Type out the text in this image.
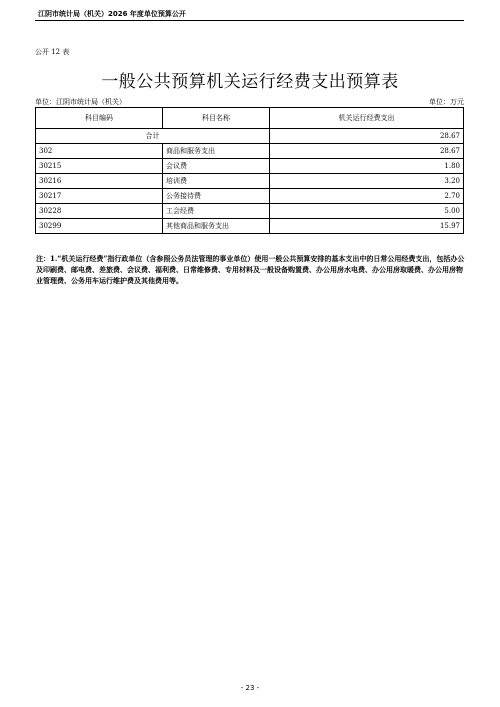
江阴市统计局（机关）2026 年度单位预算公开
公开 12 表
一般公共预算机关运行经费支出预算表
单位：江阴市统计局（机关）	单位：万元
科目编码	科目名称	机关运行经费支出
合计		28.67
302	商品和服务支出	28.67
30215	会议费	1.80
30216	培训费	3.20
30217	公务接待费	2.70
30228	工会经费	5.00
30299	其他商品和服务支出	15.97
注：1.“机关运行经费”指行政单位（含参照公务员法管理的事业单位）使用一般公共预算安排的基本支出中的日常公用经费支出，包括办公及印刷费、邮电费、差旅费、会议费、福利费、日常维修费、专用材料及一般设备购置费、办公用房水电费、办公用房取暖费、办公用房物业管理费、公务用车运行维护费及其他费用等。
- 23 -
